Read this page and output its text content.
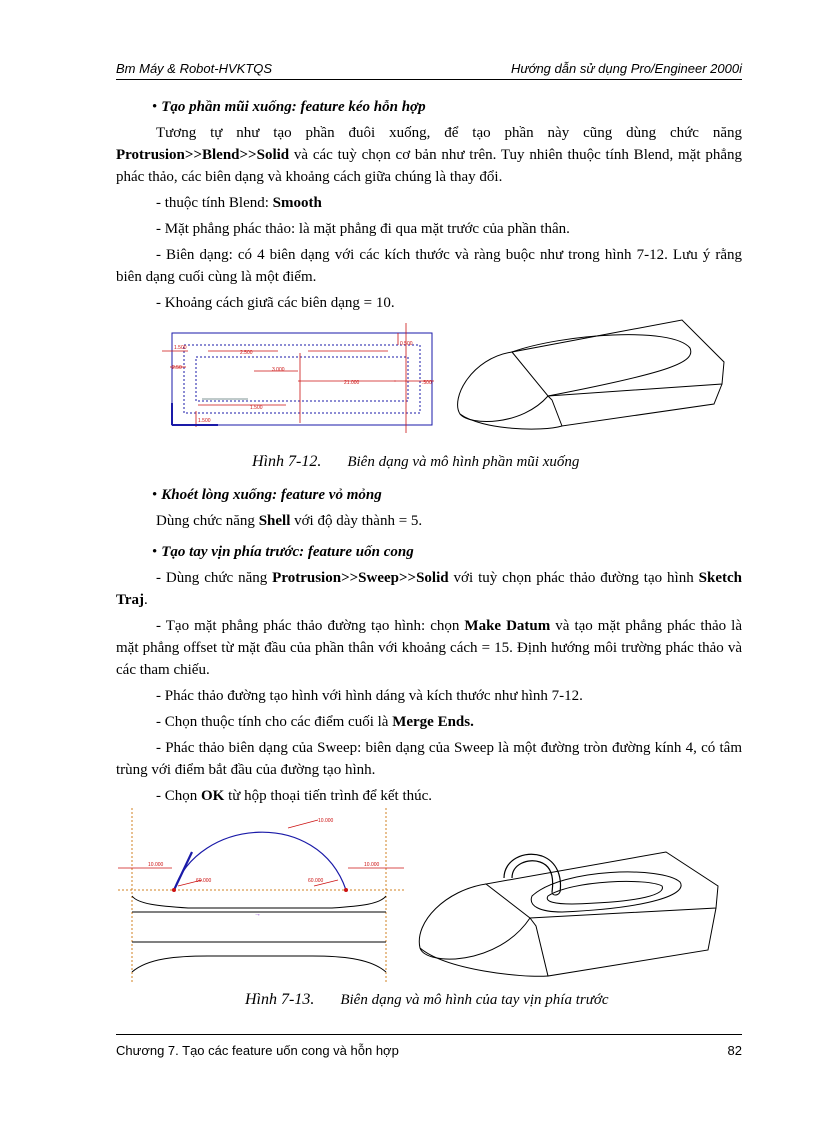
Bm Máy & Robot-HVKTQS	Hướng dẫn sử dụng Pro/Engineer 2000i
• Tạo phần mũi xuống: feature kéo hỗn hợp
Tương tự như tạo phần đuôi xuống, để tạo phần này cũng dùng chức năng Protrusion>>Blend>>Solid và các tuỳ chọn cơ bản như trên. Tuy nhiên thuộc tính Blend, mặt phẳng phác thảo, các biên dạng và khoảng cách giữa chúng là thay đổi.
- thuộc tính Blend: Smooth
- Mặt phẳng phác thảo: là mặt phẳng đi qua mặt trước của phần thân.
- Biên dạng: có 4 biên dạng với các kích thước và ràng buộc như trong hình 7-12. Lưu ý rằng biên dạng cuối cùng là một điểm.
- Khoảng cách giưã các biên dạng = 10.
1.500
2.500
0.500
2.50	3.000
21.000
1.500
1.500
.500
Hình 7-12. Biên dạng và mô hình phần mũi xuống
• Khoét lòng xuống: feature vỏ mỏng
Dùng chức năng Shell với độ dày thành = 5.
• Tạo tay vịn phía trước: feature uốn cong
- Dùng chức năng Protrusion>>Sweep>>Solid với tuỳ chọn phác thảo đường tạo hình Sketch Traj.
- Tạo mặt phẳng phác thảo đường tạo hình: chọn Make Datum và tạo mặt phẳng phác thảo là mặt phẳng offset từ mặt đầu của phần thân với khoảng cách = 15. Định hướng môi trường phác thảo và các tham chiếu.
- Phác thảo đường tạo hình với hình dáng và kích thước như hình 7-12.
- Chọn thuộc tính cho các điểm cuối là Merge Ends.
- Phác thảo biên dạng của Sweep: biên dạng của Sweep là một đường tròn đường kính 4, có tâm trùng với điểm bắt đầu của đường tạo hình.
- Chọn OK từ hộp thoại tiến trình để kết thúc.
10.000
10.000	10.000
60.000	60.000
→
Hình 7-13. Biên dạng và mô hình của tay vịn phía trước
Chương 7. Tạo các feature uốn cong và hỗn hợp	82
